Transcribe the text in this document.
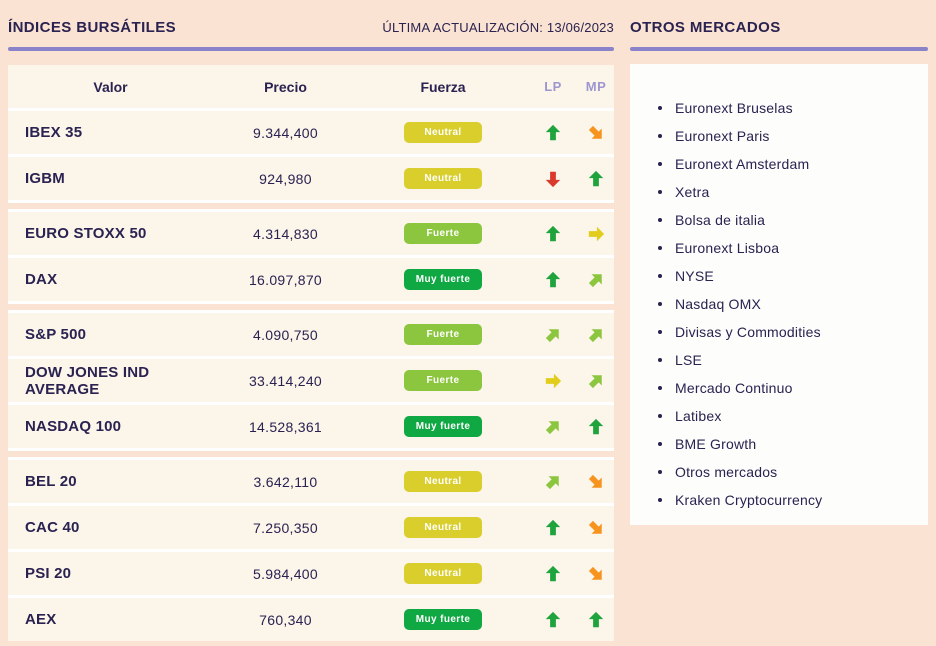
ÍNDICES BURSÁTILES	ÚLTIMA ACTUALIZACIÓN: 13/06/2023
Valor	Precio	Fuerza	LP	MP
IBEX 35	9.344,400	Neutral
IGBM	924,980	Neutral
EURO STOXX 50	4.314,830	Fuerte
DAX	16.097,870	Muy fuerte
S&P 500	4.090,750	Fuerte
DOW JONES IND AVERAGE	33.414,240	Fuerte
NASDAQ 100	14.528,361	Muy fuerte
BEL 20	3.642,110	Neutral
CAC 40	7.250,350	Neutral
PSI 20	5.984,400	Neutral
AEX	760,340	Muy fuerte
OTROS MERCADOS
Euronext Bruselas
Euronext Paris
Euronext Amsterdam
Xetra
Bolsa de italia
Euronext Lisboa
NYSE
Nasdaq OMX
Divisas y Commodities
LSE
Mercado Continuo
Latibex
BME Growth
Otros mercados
Kraken Cryptocurrency
